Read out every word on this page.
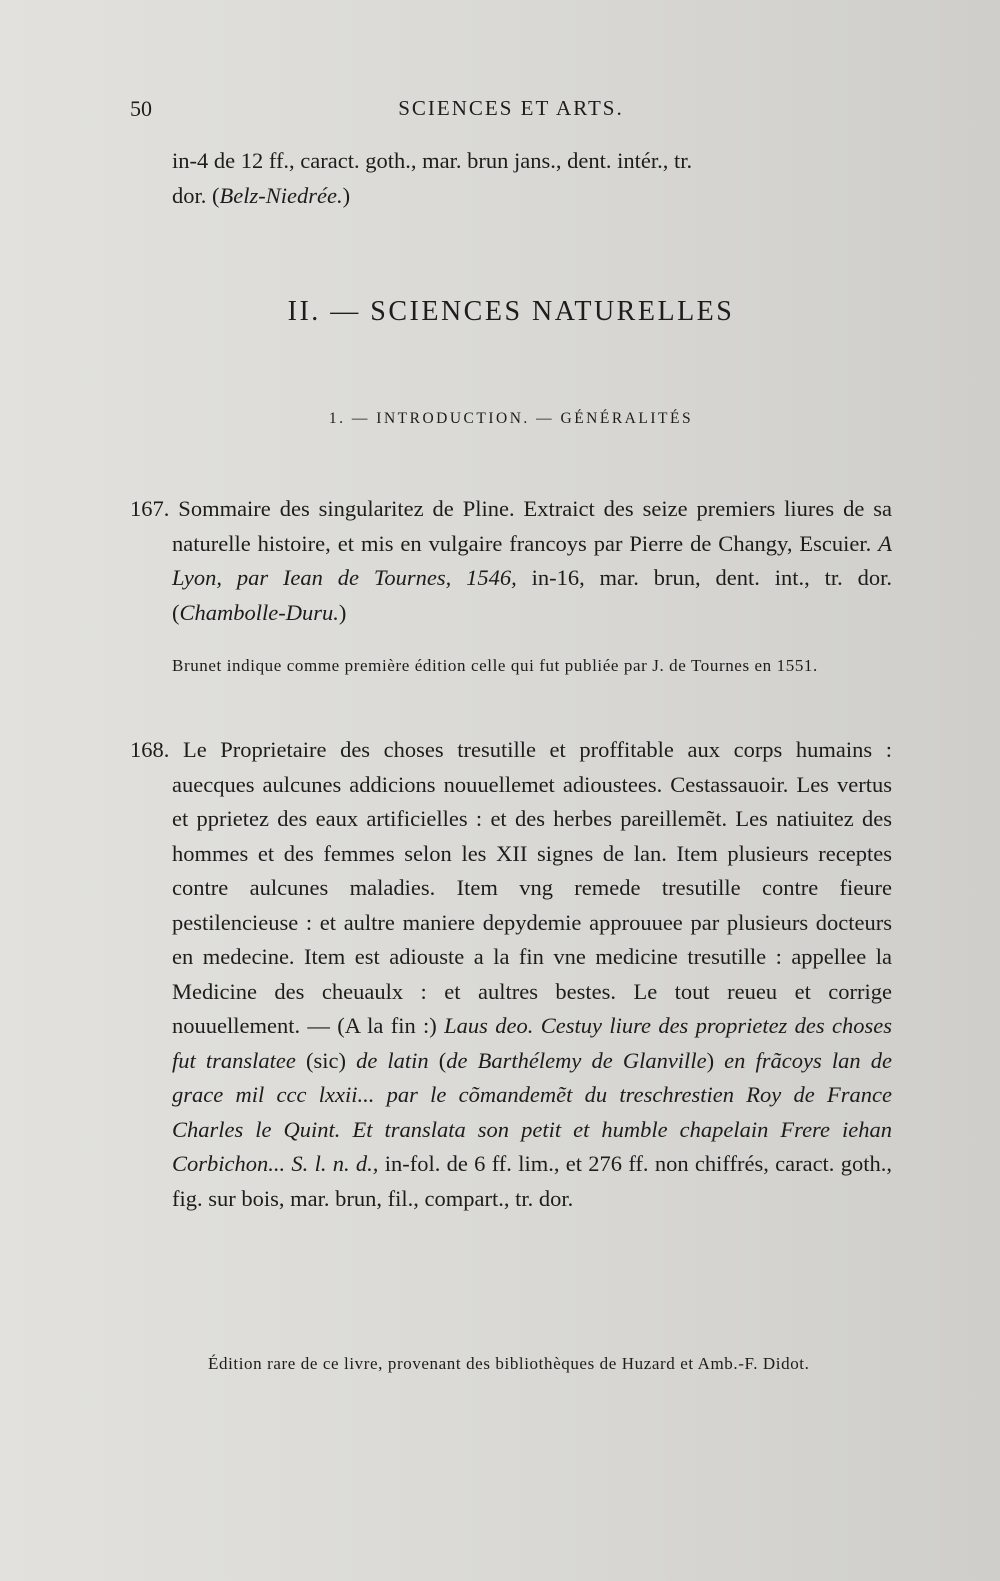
50	SCIENCES ET ARTS.
in-4 de 12 ff., caract. goth., mar. brun jans., dent. intér., tr.
dor. (Belz-Niedrée.)
II. — SCIENCES NATURELLES
1. — INTRODUCTION. — GÉNÉRALITÉS
167. Sommaire des singularitez de Pline. Extraict des seize premiers liures de sa naturelle histoire, et mis en vulgaire francoys par Pierre de Changy, Escuier. A Lyon, par Iean de Tournes, 1546, in-16, mar. brun, dent. int., tr. dor. (Chambolle-Duru.)
Brunet indique comme première édition celle qui fut publiée par J. de Tournes en 1551.
168. Le Proprietaire des choses tresutille et proffitable aux corps humains : auecques aulcunes addicions nouuellemet adioustees. Cestassauoir. Les vertus et pprietez des eaux artificielles : et des herbes pareillemẽt. Les natiuitez des hommes et des femmes selon les XII signes de lan. Item plusieurs receptes contre aulcunes maladies. Item vng remede tresutille contre fieure pestilencieuse : et aultre maniere depydemie approuuee par plusieurs docteurs en medecine. Item est adiouste a la fin vne medicine tresutille : appellee la Medicine des cheuaulx : et aultres bestes. Le tout reueu et corrige nouuellement. — (A la fin :) Laus deo. Cestuy liure des proprietez des choses fut translatee (sic) de latin (de Barthélemy de Glanville) en frãcoys lan de grace mil ccc lxxii... par le cõmandemẽt du treschrestien Roy de France Charles le Quint. Et translata son petit et humble chapelain Frere iehan Corbichon... S. l. n. d., in-fol. de 6 ff. lim., et 276 ff. non chiffrés, caract. goth., fig. sur bois, mar. brun, fil., compart., tr. dor.
Édition rare de ce livre, provenant des bibliothèques de Huzard et Amb.-F. Didot.
